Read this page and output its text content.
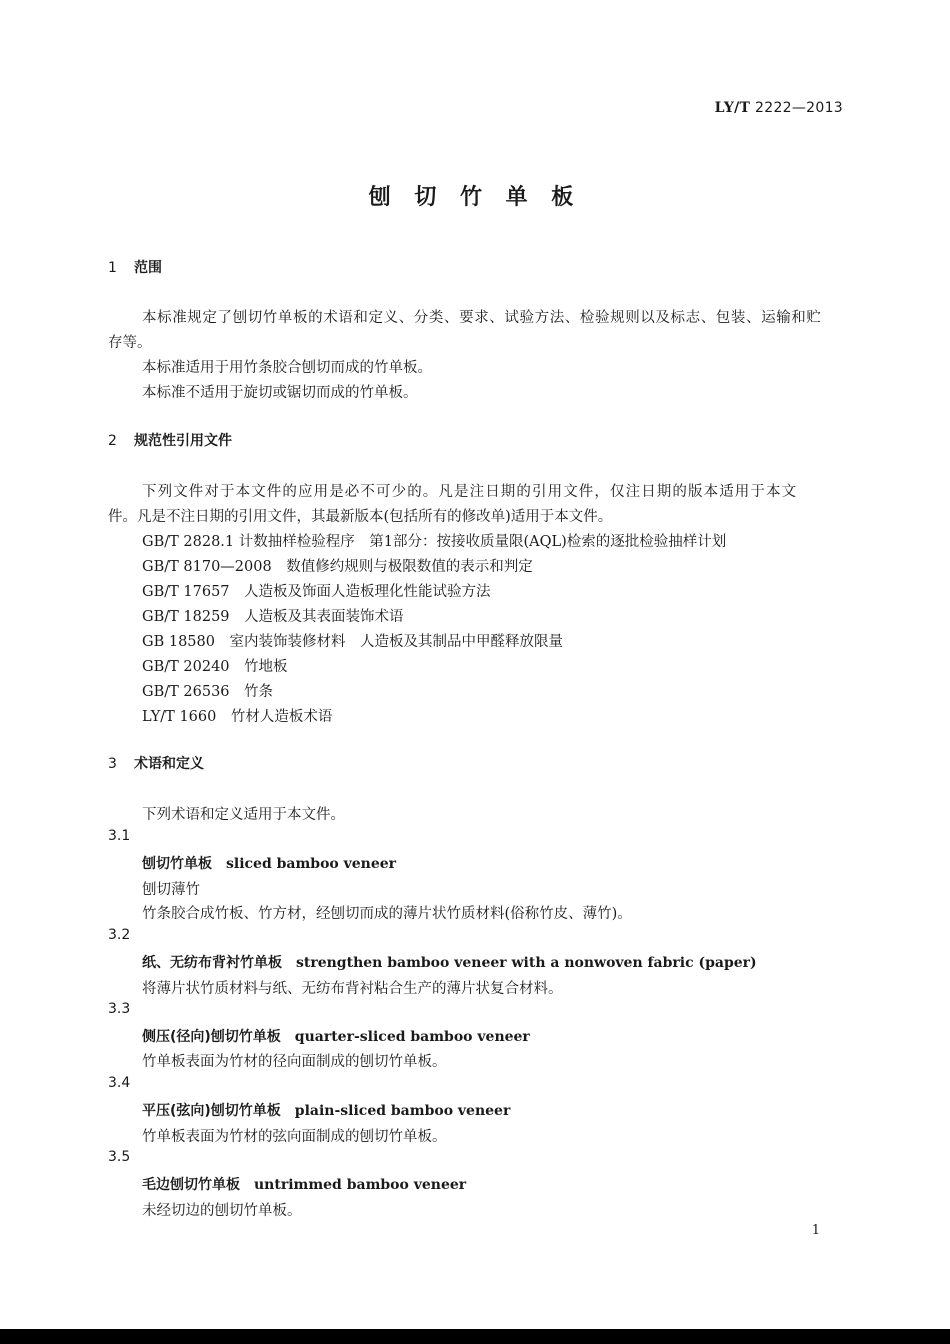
LY/T 2222—2013
刨 切 竹 单 板
1 范围
本标准规定了刨切竹单板的术语和定义、分类、要求、试验方法、检验规则以及标志、包装、运输和贮
存等。
本标准适用于用竹条胶合刨切而成的竹单板。
本标准不适用于旋切或锯切而成的竹单板。
2 规范性引用文件
下列文件对于本文件的应用是必不可少的。凡是注日期的引用文件，仅注日期的版本适用于本文
件。凡是不注日期的引用文件，其最新版本(包括所有的修改单)适用于本文件。
GB/T 2828.1 计数抽样检验程序　第1部分：按接收质量限(AQL)检索的逐批检验抽样计划
GB/T 8170—2008　 数值修约规则与极限数值的表示和判定
GB/T 17657　 人造板及饰面人造板理化性能试验方法
GB/T 18259　 人造板及其表面装饰术语
GB 18580　 室内装饰装修材料　人造板及其制品中甲醛释放限量
GB/T 20240　 竹地板
GB/T 26536　 竹条
LY/T 1660　 竹材人造板术语
3 术语和定义
下列术语和定义适用于本文件。
3.1
刨切竹单板 sliced bamboo veneer
刨切薄竹
竹条胶合成竹板、竹方材，经刨切而成的薄片状竹质材料(俗称竹皮、薄竹)。
3.2
纸、无纺布背衬竹单板 strengthen bamboo veneer with a nonwoven fabric (paper)
将薄片状竹质材料与纸、无纺布背衬粘合生产的薄片状复合材料。
3.3
侧压(径向)刨切竹单板 quarter-sliced bamboo veneer
竹单板表面为竹材的径向面制成的刨切竹单板。
3.4
平压(弦向)刨切竹单板 plain-sliced bamboo veneer
竹单板表面为竹材的弦向面制成的刨切竹单板。
3.5
毛边刨切竹单板 untrimmed bamboo veneer
未经切边的刨切竹单板。
1
